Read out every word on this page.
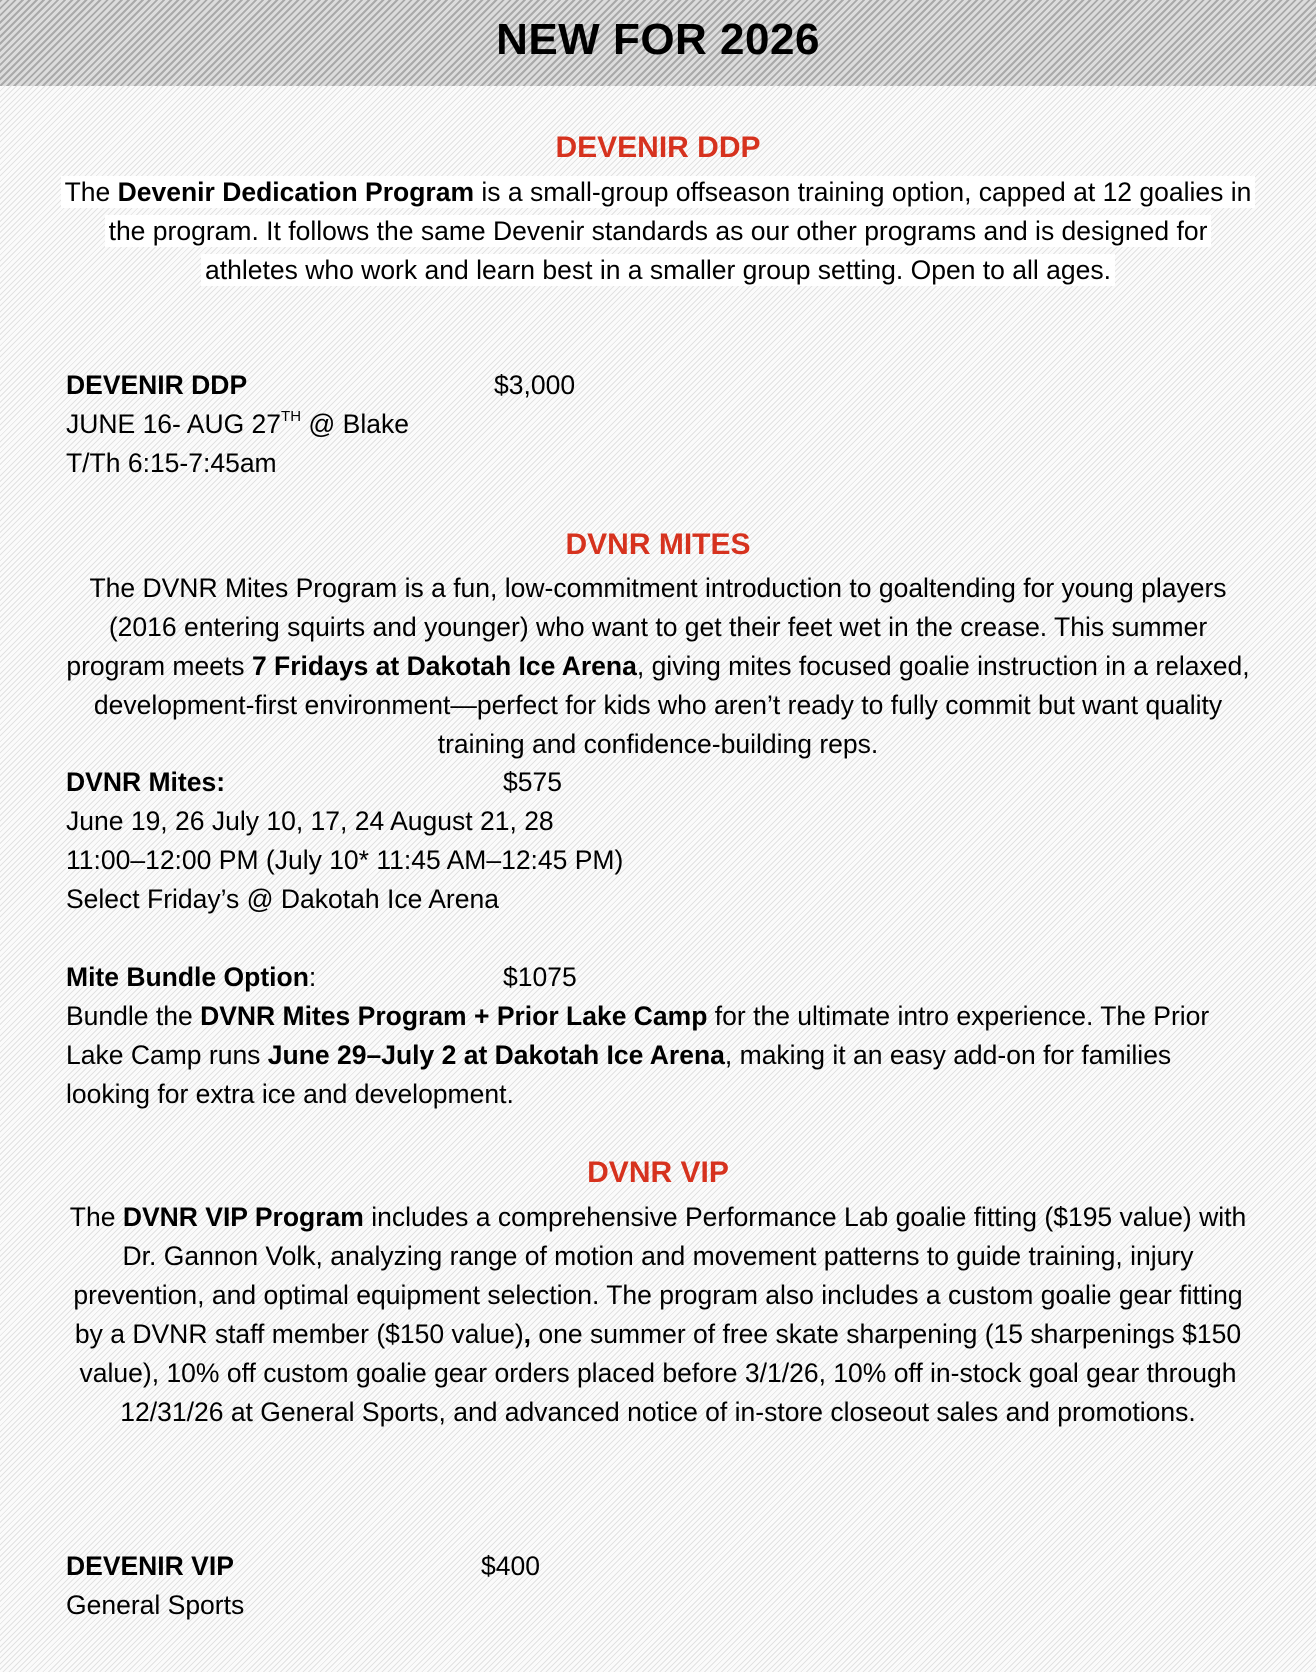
NEW FOR 2026
DEVENIR DDP
The Devenir Dedication Program is a small-group offseason training option, capped at 12 goalies in the program. It follows the same Devenir standards as our other programs and is designed for athletes who work and learn best in a smaller group setting. Open to all ages.
DEVENIR DDP	$3,000
JUNE 16- AUG 27TH @ Blake
T/Th 6:15-7:45am
DVNR MITES
The DVNR Mites Program is a fun, low-commitment introduction to goaltending for young players (2016 entering squirts and younger) who want to get their feet wet in the crease. This summer program meets 7 Fridays at Dakotah Ice Arena, giving mites focused goalie instruction in a relaxed, development-first environment—perfect for kids who aren’t ready to fully commit but want quality training and confidence-building reps.
DVNR Mites:	$575
June 19, 26 July 10, 17, 24 August 21, 28
11:00–12:00 PM (July 10* 11:45 AM–12:45 PM)
Select Friday’s @ Dakotah Ice Arena
Mite Bundle Option:	$1075
Bundle the DVNR Mites Program + Prior Lake Camp for the ultimate intro experience. The Prior Lake Camp runs June 29–July 2 at Dakotah Ice Arena, making it an easy add-on for families looking for extra ice and development.
DVNR VIP
The DVNR VIP Program includes a comprehensive Performance Lab goalie fitting ($195 value) with Dr. Gannon Volk, analyzing range of motion and movement patterns to guide training, injury prevention, and optimal equipment selection. The program also includes a custom goalie gear fitting by a DVNR staff member ($150 value), one summer of free skate sharpening (15 sharpenings $150 value), 10% off custom goalie gear orders placed before 3/1/26, 10% off in-stock goal gear through 12/31/26 at General Sports, and advanced notice of in-store closeout sales and promotions.
DEVENIR VIP	$400
General Sports
